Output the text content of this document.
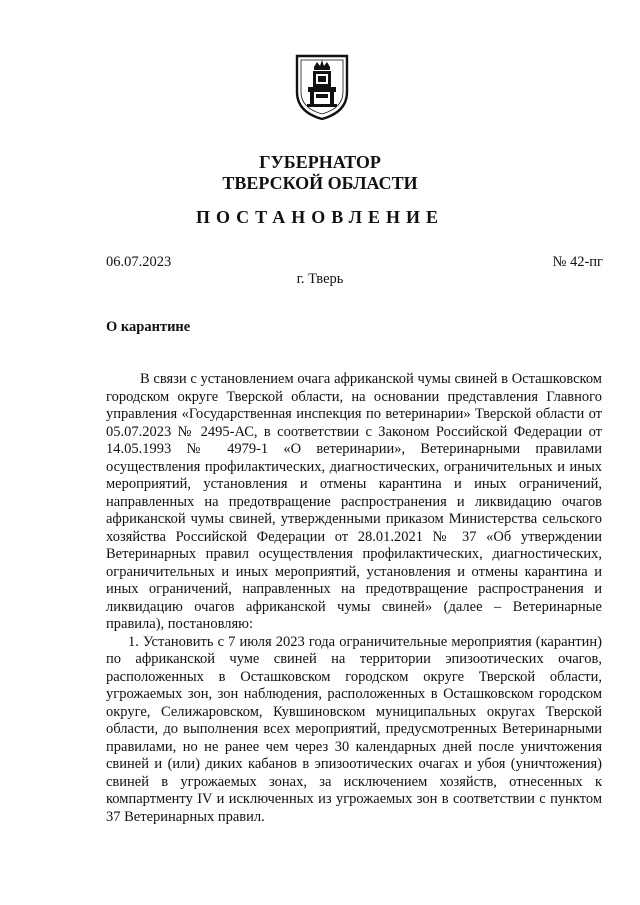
ГУБЕРНАТОР
ТВЕРСКОЙ ОБЛАСТИ
ПОСТАНОВЛЕНИЕ
06.07.2023	№ 42-пг
г. Тверь
О карантине

В связи с установлением очага африканской чумы свиней в Осташковском городском округе Тверской области, на основании представления Главного управления «Государственная инспекция по ветеринарии» Тверской области от 05.07.2023 № 2495-АС, в соответствии с Законом Российской Федерации от 14.05.1993 № 4979-1 «О ветеринарии», Ветеринарными правилами осуществления профилактических, диагностических, ограничительных и иных мероприятий, установления и отмены карантина и иных ограничений, направленных на предотвращение распространения и ликвидацию очагов африканской чумы свиней, утвержденными приказом Министерства сельского хозяйства Российской Федерации от 28.01.2021 № 37 «Об утверждении Ветеринарных правил осуществления профилактических, диагностических, ограничительных и иных мероприятий, установления и отмены карантина и иных ограничений, направленных на предотвращение распространения и ликвидацию очагов африканской чумы свиней» (далее – Ветеринарные правила), постановляю:

1. Установить с 7 июля 2023 года ограничительные мероприятия (карантин) по африканской чуме свиней на территории эпизоотических очагов, расположенных в Осташковском городском округе Тверской области, угрожаемых зон, зон наблюдения, расположенных в Осташковском городском округе, Селижаровском, Кувшиновском муниципальных округах Тверской области, до выполнения всех мероприятий, предусмотренных Ветеринарными правилами, но не ранее чем через 30 календарных дней после уничтожения свиней и (или) диких кабанов в эпизоотических очагах и убоя (уничтожения) свиней в угрожаемых зонах, за исключением хозяйств, отнесенных к компартменту IV и исключенных из угрожаемых зон в соответствии с пунктом 37 Ветеринарных правил.
